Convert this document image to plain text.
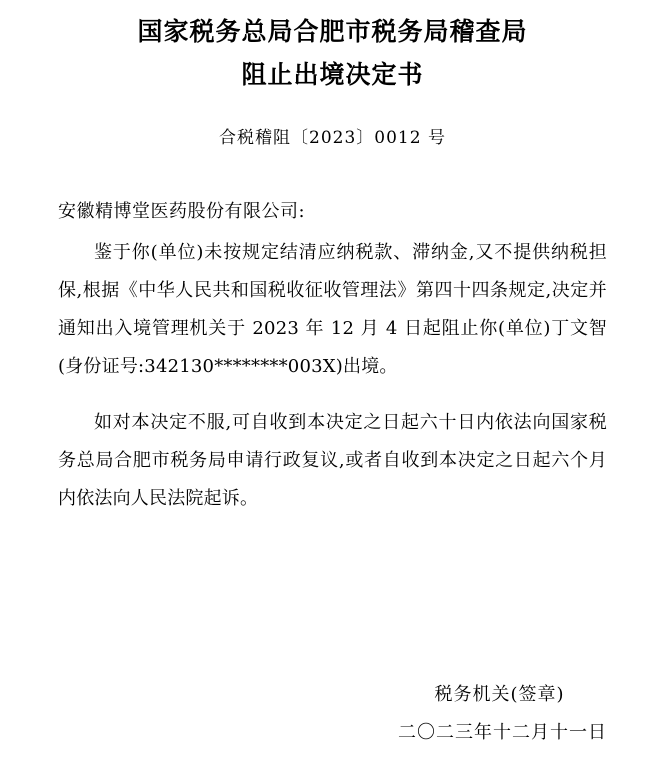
国家税务总局合肥市税务局稽查局
阻止出境决定书
合税稽阻〔2023〕0012 号
安徽精博堂医药股份有限公司:
鉴于你(单位)未按规定结清应纳税款、滞纳金,又不提供纳税担保,根据《中华人民共和国税收征收管理法》第四十四条规定,决定并通知出入境管理机关于 2023 年 12 月 4 日起阻止你(单位)丁文智(身份证号:342130********003X)出境。
如对本决定不服,可自收到本决定之日起六十日内依法向国家税务总局合肥市税务局申请行政复议,或者自收到本决定之日起六个月内依法向人民法院起诉。
税务机关(签章)
二〇二三年十二月十一日
